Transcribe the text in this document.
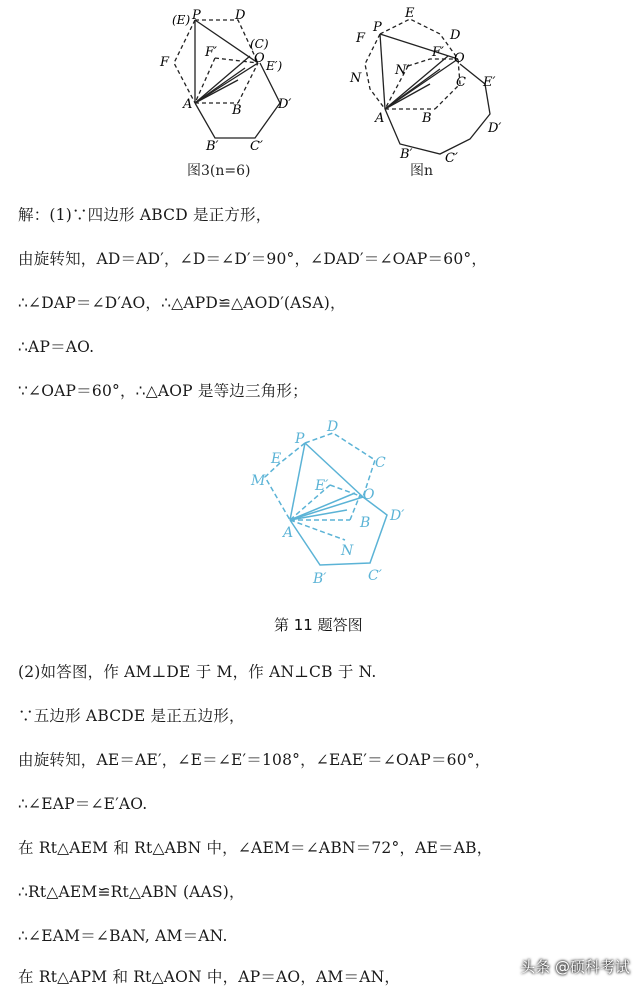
(E) P	D
F
F′
(C)
O E′)
A	B	D′
B′ C′
图3(n=6)
P
E
F	D
N′
F′ O
N	C E′
A	B
D′
B′ C′
图n
解：(1)∵四边形 ABCD 是正方形，
由旋转知，AD＝AD′，∠D＝∠D′＝90°，∠DAD′＝∠OAP＝60°，
∴∠DAP＝∠D′AO，∴△APD≌△AOD′(ASA)，
∴AP＝AO.
∵∠OAP＝60°，∴△AOP 是等边三角形；
P
D
E	C
M	E′
O
D′
A
B
N
B′	C′
第 11 题答图
(2)如答图，作 AM⊥DE 于 M，作 AN⊥CB 于 N.
∵五边形 ABCDE 是正五边形，
由旋转知，AE＝AE′，∠E＝∠E′＝108°，∠EAE′＝∠OAP＝60°，
∴∠EAP＝∠E′AO.
在 Rt△AEM 和 Rt△ABN 中，∠AEM＝∠ABN＝72°，AE＝AB，
∴Rt△AEM≌Rt△ABN (AAS)，
∴∠EAM＝∠BAN, AM＝AN.
在 Rt△APM 和 Rt△AON 中，AP＝AO，AM＝AN，
头条 @硕科考试
